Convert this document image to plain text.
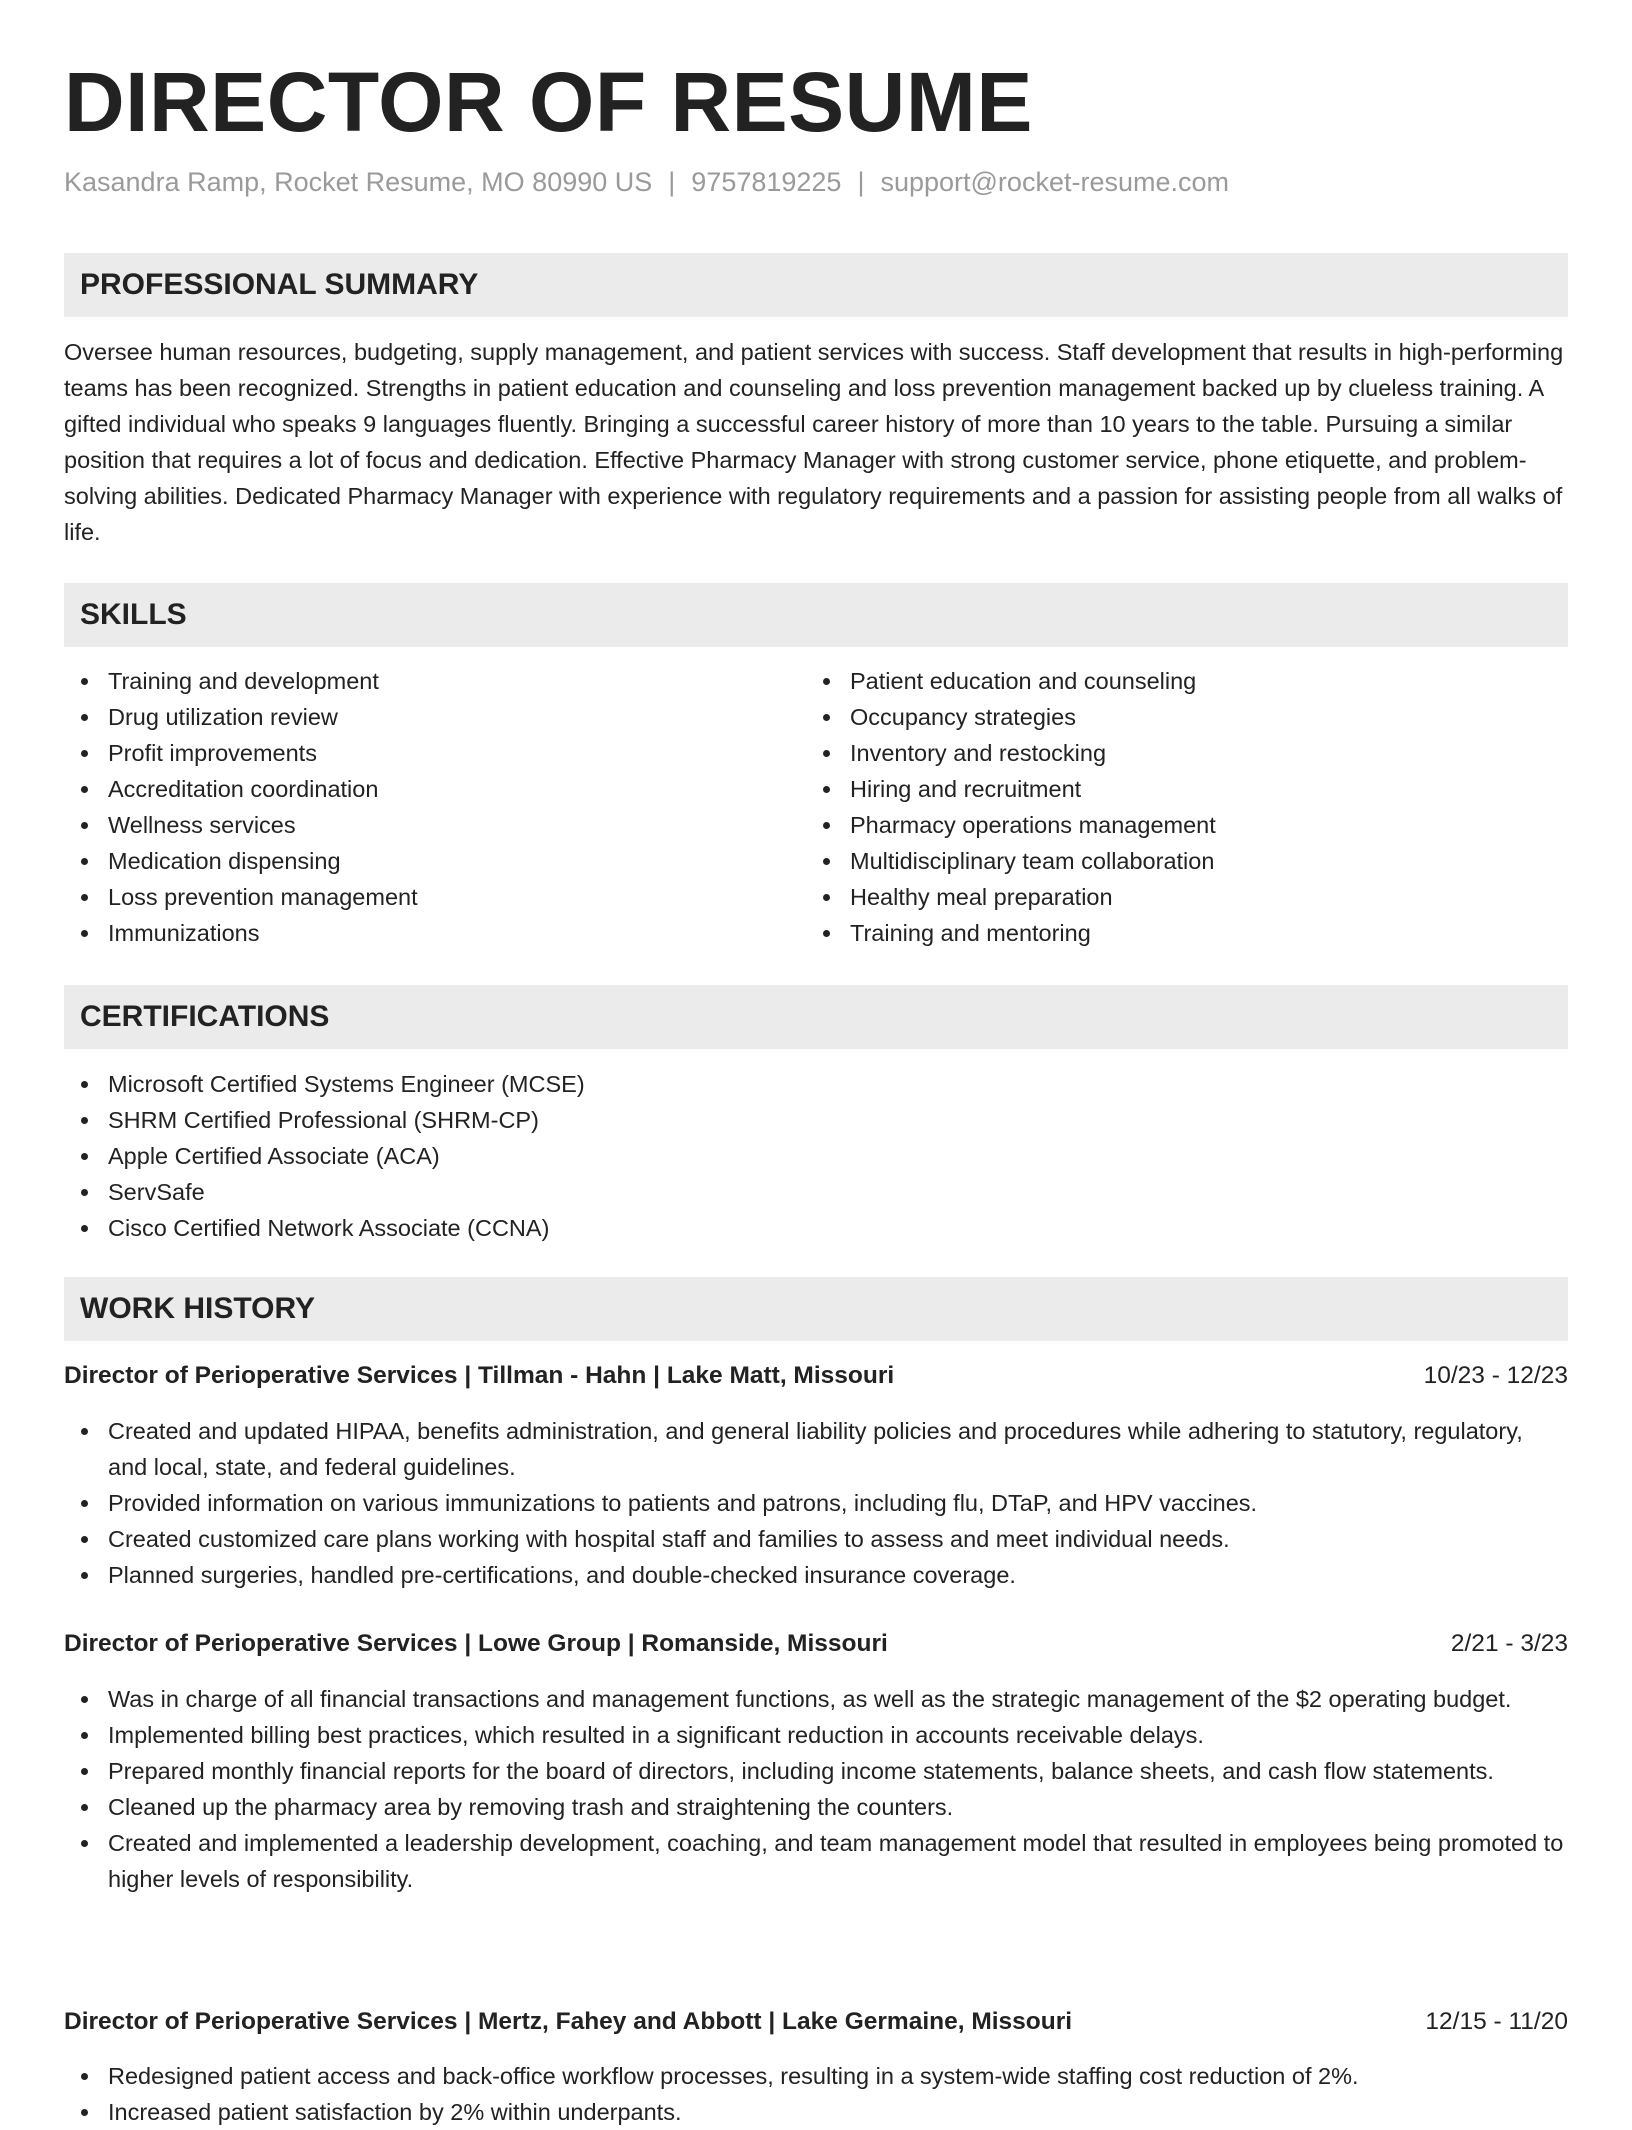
DIRECTOR OF RESUME
Kasandra Ramp, Rocket Resume, MO 80990 US | 9757819225 | support@rocket-resume.com
PROFESSIONAL SUMMARY

Oversee human resources, budgeting, supply management, and patient services with success. Staff development that results in high-performing teams has been recognized. Strengths in patient education and counseling and loss prevention management backed up by clueless training. A gifted individual who speaks 9 languages fluently. Bringing a successful career history of more than 10 years to the table. Pursuing a similar position that requires a lot of focus and dedication. Effective Pharmacy Manager with strong customer service, phone etiquette, and problem-solving abilities. Dedicated Pharmacy Manager with experience with regulatory requirements and a passion for assisting people from all walks of life.

SKILLS
Training and development
Drug utilization review
Profit improvements
Accreditation coordination
Wellness services
Medication dispensing
Loss prevention management
Immunizations
Patient education and counseling
Occupancy strategies
Inventory and restocking
Hiring and recruitment
Pharmacy operations management
Multidisciplinary team collaboration
Healthy meal preparation
Training and mentoring
CERTIFICATIONS
Microsoft Certified Systems Engineer (MCSE)
SHRM Certified Professional (SHRM-CP)
Apple Certified Associate (ACA)
ServSafe
Cisco Certified Network Associate (CCNA)
WORK HISTORY
Director of Perioperative Services | Tillman - Hahn | Lake Matt, Missouri	10/23 - 12/23
Created and updated HIPAA, benefits administration, and general liability policies and procedures while adhering to statutory, regulatory, and local, state, and federal guidelines.
Provided information on various immunizations to patients and patrons, including flu, DTaP, and HPV vaccines.
Created customized care plans working with hospital staff and families to assess and meet individual needs.
Planned surgeries, handled pre-certifications, and double-checked insurance coverage.
Director of Perioperative Services | Lowe Group | Romanside, Missouri	2/21 - 3/23
Was in charge of all financial transactions and management functions, as well as the strategic management of the $2 operating budget.
Implemented billing best practices, which resulted in a significant reduction in accounts receivable delays.
Prepared monthly financial reports for the board of directors, including income statements, balance sheets, and cash flow statements.
Cleaned up the pharmacy area by removing trash and straightening the counters.
Created and implemented a leadership development, coaching, and team management model that resulted in employees being promoted to higher levels of responsibility.
Director of Perioperative Services | Mertz, Fahey and Abbott | Lake Germaine, Missouri	12/15 - 11/20
Redesigned patient access and back-office workflow processes, resulting in a system-wide staffing cost reduction of 2%.
Increased patient satisfaction by 2% within underpants.
